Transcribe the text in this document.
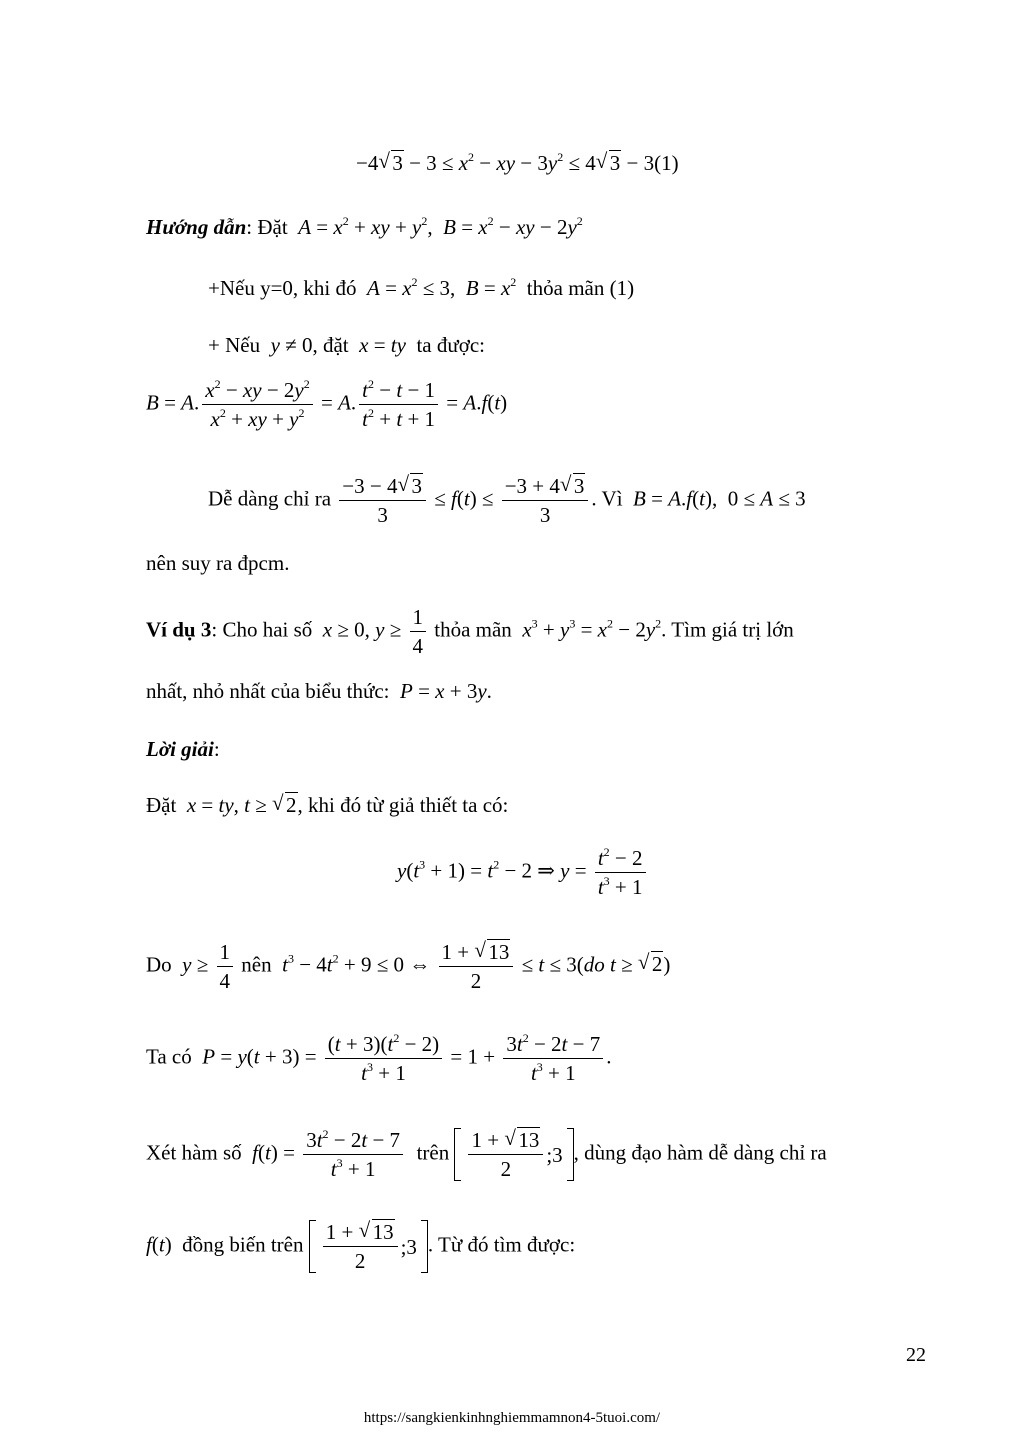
−4√ $3 - 3 \le x^2$ − xy − $3y^2 \le 4√$ 3 − 3(1)
Hướng dẫn: Đặt $A = x^2$ + xy + $y^2$,  $B = x^2$ − xy − $2y^2$
+Nếu y=0, khi đó  $A = x^2 \le 3$,  $B = x^2$  thỏa mãn (1)
+ Nếu  y ≠ 0, đặt  x = ty  ta được:
B = A. $\frac{x^2 - xy - 2y^2}{x^2 + xy + y^2} = A$. $\frac{t^2 - t - 1}{t^2 + t + 1} = A.f(t)$
Dễ dàng chỉ ra $\frac{-3 - 4√ 3}{3} \le f(t) \le \frac{-3 + 4√ 3}{3}$ . Vì  B = A.f(t),  0 ≤ A ≤ 3
nên suy ra đpcm.
Ví dụ 3: Cho hai số x ≥ 0, $y \ge \frac{1}{4}$ thỏa mãn  $x^3 + y^3 = x^2 - 2y^2$. Tìm giá trị lớn
nhất, nhỏ nhất của biểu thức: P = x + 3y.
Lời giải:
Đặt x = ty, t ≥ √ 2, khi đó từ giả thiết ta có:
$y(t^3 + 1) = t^2 - 2$ ⇒ $y = \frac{t^2 - 2}{t^3 + 1}$
Do  $y \ge \frac{1}{4}$ nên  $t^3 - 4t^2 + 9 \le 0$ ⇔ $\frac{1 + √ 13}{2} \le t \le 3(do$ t ≥ √ 2)
Ta có  $P = y(t + 3) = \frac{(t + 3)(t^2 - 2)}{t^3 + 1} = 1 + \frac{3t^2 - 2t - 7}{t^3 + 1}$ .
Xét hàm số  $f(t) = \frac{3t^2 - 2t - 7}{t^3 + 1}$ trên $\frac{1 + √ 13}{2}$ ;3 , dùng đạo hàm dễ dàng chỉ ra
f(t)  đồng biến trên $\frac{1 + √ 13}{2}$ ;3 . Từ đó tìm được:
22
https://sangkienkinhnghiemmamnon4-5tuoi.com/
